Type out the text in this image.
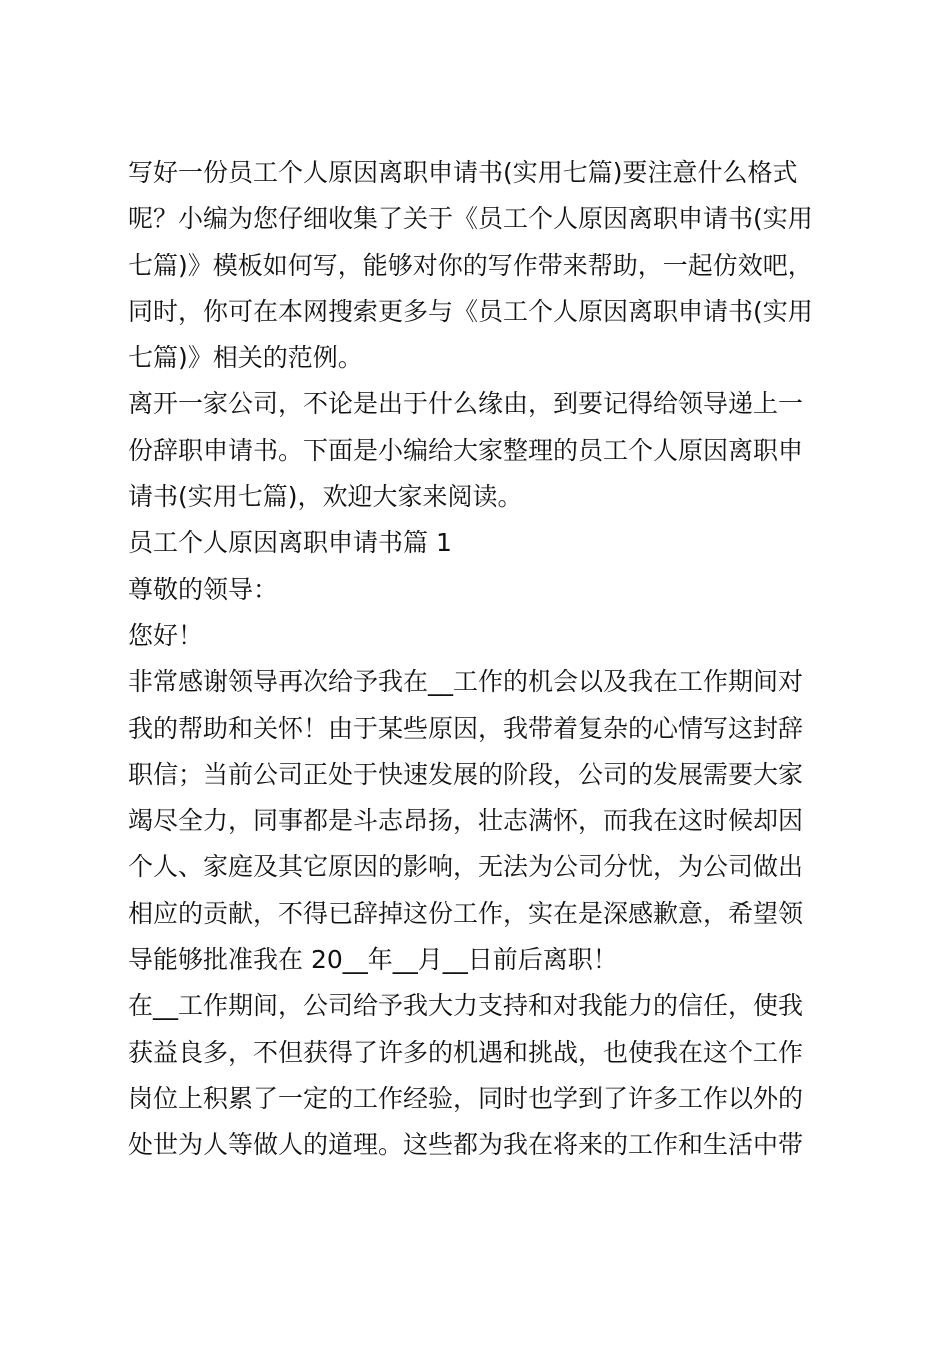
写好一份员工个人原因离职申请书(实用七篇)要注意什么格式
呢？小编为您仔细收集了关于《员工个人原因离职申请书(实用
七篇)》模板如何写，能够对你的写作带来帮助，一起仿效吧，
同时，你可在本网搜索更多与《员工个人原因离职申请书(实用
七篇)》相关的范例。
离开一家公司，不论是出于什么缘由，到要记得给领导递上一
份辞职申请书。下面是小编给大家整理的员工个人原因离职申
请书(实用七篇)，欢迎大家来阅读。
员工个人原因离职申请书篇 1
尊敬的领导：
您好！
非常感谢领导再次给予我在__工作的机会以及我在工作期间对
我的帮助和关怀！由于某些原因，我带着复杂的心情写这封辞
职信；当前公司正处于快速发展的阶段，公司的发展需要大家
竭尽全力，同事都是斗志昂扬，壮志满怀，而我在这时候却因
个人、家庭及其它原因的影响，无法为公司分忧，为公司做出
相应的贡献，不得已辞掉这份工作，实在是深感歉意，希望领
导能够批准我在 20__年__月__日前后离职！
在__工作期间，公司给予我大力支持和对我能力的信任，使我
获益良多，不但获得了许多的机遇和挑战，也使我在这个工作
岗位上积累了一定的工作经验，同时也学到了许多工作以外的
处世为人等做人的道理。这些都为我在将来的工作和生活中带
